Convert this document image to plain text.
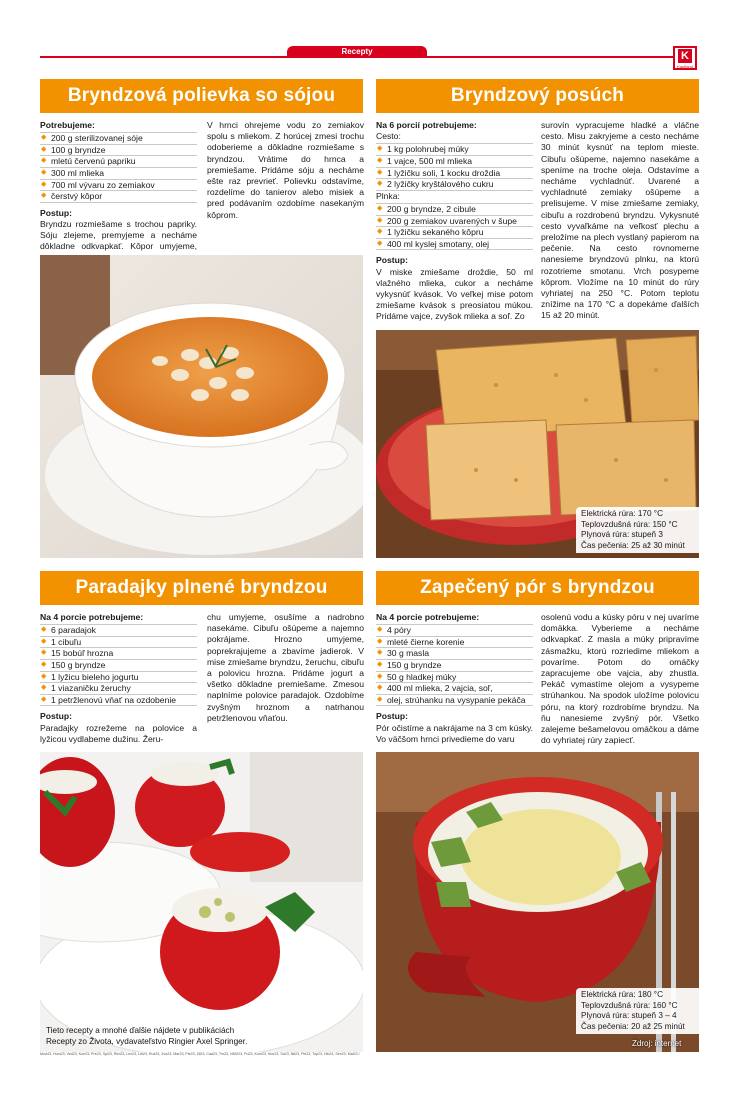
Recepty	K
Kaufland
Bryndzová polievka so sójou
Potrebujeme:
◆ 200 g sterilizovanej sóje
◆ 100 g bryndze
◆ mletú červenú papriku
◆ 300 ml mlieka
◆ 700 ml vývaru zo zemiakov
◆ čerstvý kôpor
Postup:

Bryndzu rozmiešame s trochou papriky. Sóju zlejeme, premyjeme a necháme dôkladne odkvapkať. Kôpor umyjeme,

V hrnci ohrejeme vodu zo zemiakov spolu s mliekom. Z horúcej zmesi trochu odoberieme a dôkladne rozmiešame s bryndzou. Vrátime do hrnca a premiešame. Pridáme sóju a necháme ešte raz prevrieť. Polievku odstavíme, rozdelíme do tanierov alebo misiek a pred podávaním ozdobíme nasekaným kôprom.

Bryndzový posúch
Na 6 porcií potrebujeme:
Cesto:
◆ 1 kg polohrubej múky
◆ 1 vajce, 500 ml mlieka
◆ 1 lyžičku soli, 1 kocku droždia
◆ 2 lyžičky kryštálového cukru
Plnka:
◆ 200 g bryndze, 2 cibule
◆ 200 g zemiakov uvarených v šupe
◆ 1 lyžičku sekaného kôpru
◆ 400 ml kyslej smotany, olej
Postup:

V miske zmiešame droždie, 50 ml vlažného mlieka, cukor a necháme vykysnúť kvások. Vo veľkej mise potom zmiešame kvások s preosiatou múkou. Pridáme vajce, zvyšok mlieka a soľ. Zo

surovín vypracujeme hladké a vláčne cesto. Misu zakryjeme a cesto necháme 30 minút kysnúť na teplom mieste. Cibuľu ošúpeme, najemno nasekáme a speníme na troche oleja. Odstavíme a necháme vychladnúť. Uvarené a vychladnuté zemiaky ošúpeme a prelisujeme. V mise zmiešame zemiaky, cibuľu a rozdrobenú bryndzu. Vykysnuté cesto vyvaľkáme na veľkosť plechu a preložíme na plech vystlaný papierom na pečenie. Na cesto rovnomerne nanesieme bryndzovú plnku, na ktorú rozotrieme smotanu. Vrch posypeme kôprom. Vložíme na 10 minút do rúry vyhriatej na 250 °C. Potom teplotu znížime na 170 °C a dopekáme ďalších 15 až 20 minút.

Elektrická rúra: 170 °C
Teplovzdušná rúra: 150 °C
Plynová rúra: stupeň 3
Čas pečenia: 25 až 30 minút
Paradajky plnené bryndzou
Na 4 porcie potrebujeme:
◆ 6 paradajok
◆ 1 cibuľu
◆ 15 bobúľ hrozna
◆ 150 g bryndze
◆ 1 lyžicu bieleho jogurtu
◆ 1 viazaničku žeruchy
◆ 1 petržlenovú vňať na ozdobenie
Postup:

Paradajky rozrežeme na polovice a lyžicou vydlabeme dužinu. Žeru-

chu umyjeme, osušíme a nadrobno nasekáme. Cibuľu ošúpeme a najemno pokrájame. Hrozno umyjeme, poprekrajujeme a zbavíme jadierok. V mise zmiešame bryndzu, žeruchu, cibuľu a polovicu hrozna. Pridáme jogurt a všetko dôkladne premiešame. Zmesou naplníme polovice paradajok. Ozdobíme zvyšným hroznom a natrhanou petržlenovou vňaťou.

Tieto recepty a mnohé ďalšie nájdete v publikáciách
Recepty zo Života, vydavateľstvo Ringier Axel Springer.
Zapečený pór s bryndzou
Na 4 porcie potrebujeme:
◆ 4 póry
◆ mleté čierne korenie
◆ 30 g masla
◆ 150 g bryndze
◆ 50 g hladkej múky
◆ 400 ml mlieka, 2 vajcia, soľ,
◆ olej, strúhanku na vysypanie pekáča
Postup:

Pór očistíme a nakrájame na 3 cm kúsky. Vo väčšom hrnci privedieme do varu

osolenú vodu a kúsky póru v nej uvaríme domäkka. Vyberieme a necháme odkvapkať. Z masla a múky pripravíme zásmažku, ktorú rozriedime mliekom a povaríme. Potom do omáčky zapracujeme obe vajcia, aby zhustla. Pekáč vymastíme olejom a vysypeme strúhankou. Na spodok uložíme polovicu póru, na ktorý rozdrobíme bryndzu. Na ňu nanesieme zvyšný pór. Všetko zalejeme bešamelovou omáčkou a dáme do vyhriatej rúry zapiecť.

Elektrická rúra: 180 °C
Teplovzdušná rúra: 160 °C
Plynová rúra: stupeň 3 – 4
Čas pečenia: 20 až 25 minút
Zdroj: internet
Mod43, Hum23, Ved23, Koe23, Pre23, Spi23, Rim23, Lev23, Lib23, Ruz23, Zvo23, Mar23, Pie23, Zil23, Cad23, Trn23, NMV23, Pu23, Kom23, Nov23, Sa23, Nit23, Pie23, Top23, Hlo23, Sen23, Mal23 /
